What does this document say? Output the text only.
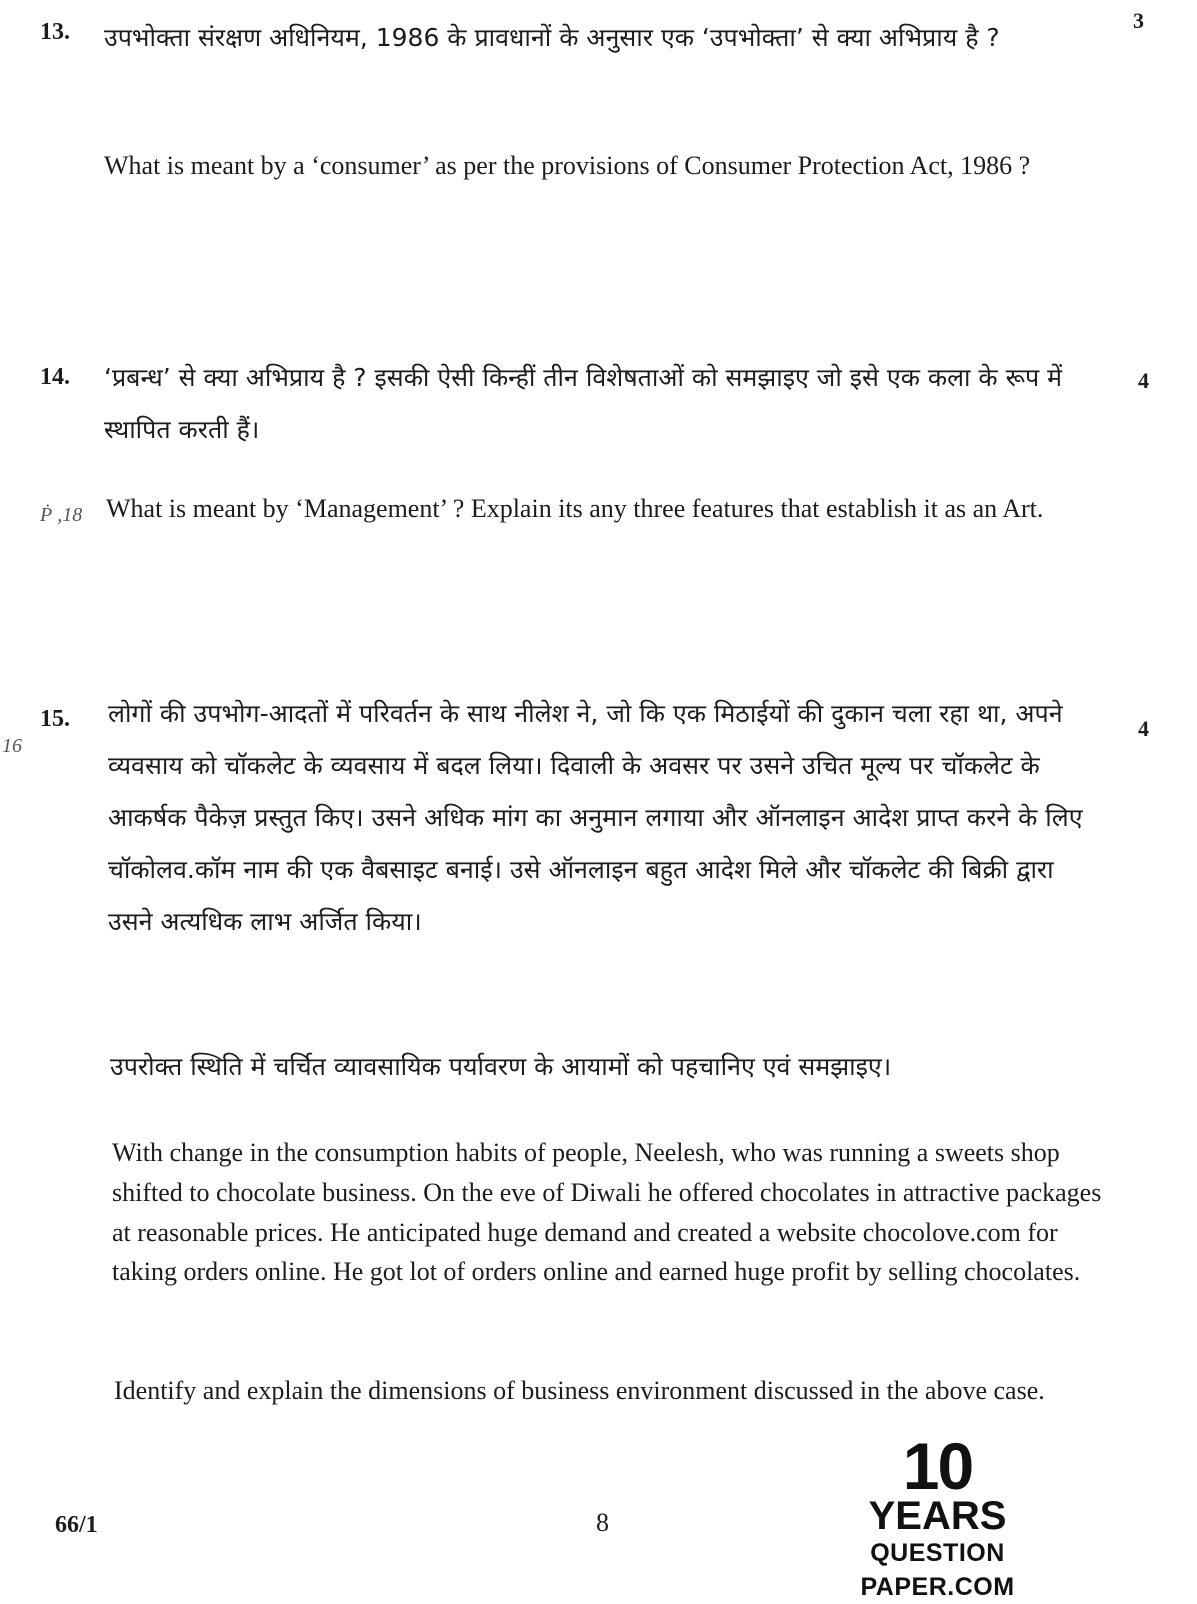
13.	3

उपभोक्ता संरक्षण अधिनियम, 1986 के प्रावधानों के अनुसार एक ‘उपभोक्ता’ से क्या अभिप्राय है ?

What is meant by a ‘consumer’ as per the provisions of Consumer Protection Act, 1986 ?

14.	4

‘प्रबन्ध’ से क्या अभिप्राय है ? इसकी ऐसी किन्हीं तीन विशेषताओं को समझाइए जो इसे एक कला के रूप में स्थापित करती हैं।

Ṗ ,18 What is meant by ‘Management’ ? Explain its any three features that establish it as an Art.

15.	4
16

लोगों की उपभोग-आदतों में परिवर्तन के साथ नीलेश ने, जो कि एक मिठाईयों की दुकान चला रहा था, अपने व्यवसाय को चॉकलेट के व्यवसाय में बदल लिया। दिवाली के अवसर पर उसने उचित मूल्य पर चॉकलेट के आकर्षक पैकेज़ प्रस्तुत किए। उसने अधिक मांग का अनुमान लगाया और ऑनलाइन आदेश प्राप्त करने के लिए चॉकोलव.कॉम नाम की एक वैबसाइट बनाई। उसे ऑनलाइन बहुत आदेश मिले और चॉकलेट की बिक्री द्वारा उसने अत्यधिक लाभ अर्जित किया।

उपरोक्त स्थिति में चर्चित व्यावसायिक पर्यावरण के आयामों को पहचानिए एवं समझाइए।

With change in the consumption habits of people, Neelesh, who was running a sweets shop shifted to chocolate business. On the eve of Diwali he offered chocolates in attractive packages at reasonable prices. He anticipated huge demand and created a website chocolove.com for taking orders online. He got lot of orders online and earned huge profit by selling chocolates.

Identify and explain the dimensions of business environment discussed in the above case.

66/1	8
10
YEARS
QUESTION PAPER.COM
